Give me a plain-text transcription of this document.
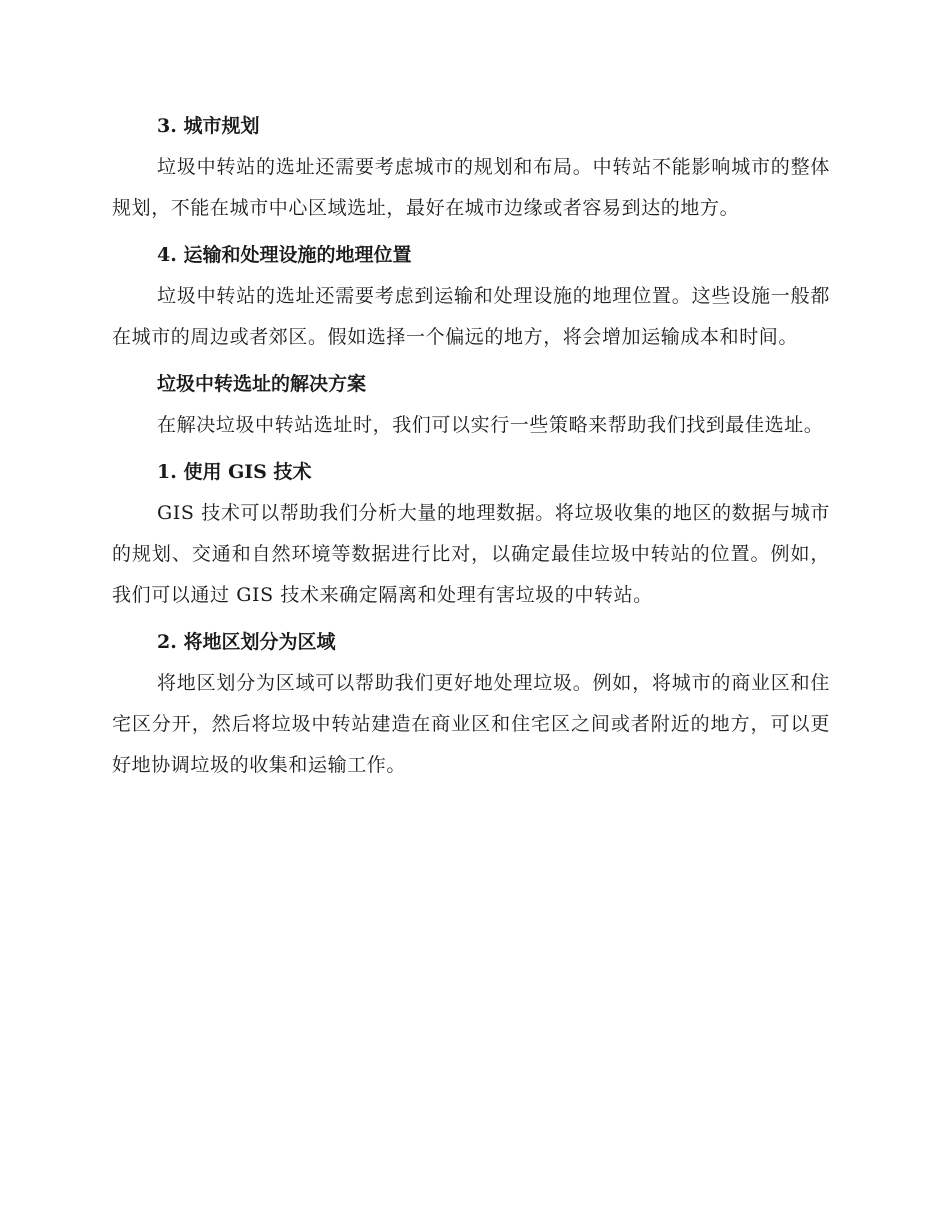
3. 城市规划

垃圾中转站的选址还需要考虑城市的规划和布局。中转站不能影响城市的整体规划，不能在城市中心区域选址，最好在城市边缘或者容易到达的地方。

4. 运输和处理设施的地理位置

垃圾中转站的选址还需要考虑到运输和处理设施的地理位置。这些设施一般都在城市的周边或者郊区。假如选择一个偏远的地方，将会增加运输成本和时间。

垃圾中转选址的解决方案

在解决垃圾中转站选址时，我们可以实行一些策略来帮助我们找到最佳选址。

1. 使用 GIS 技术

GIS 技术可以帮助我们分析大量的地理数据。将垃圾收集的地区的数据与城市的规划、交通和自然环境等数据进行比对，以确定最佳垃圾中转站的位置。例如，我们可以通过 GIS 技术来确定隔离和处理有害垃圾的中转站。

2. 将地区划分为区域

将地区划分为区域可以帮助我们更好地处理垃圾。例如，将城市的商业区和住宅区分开，然后将垃圾中转站建造在商业区和住宅区之间或者附近的地方，可以更好地协调垃圾的收集和运输工作。
